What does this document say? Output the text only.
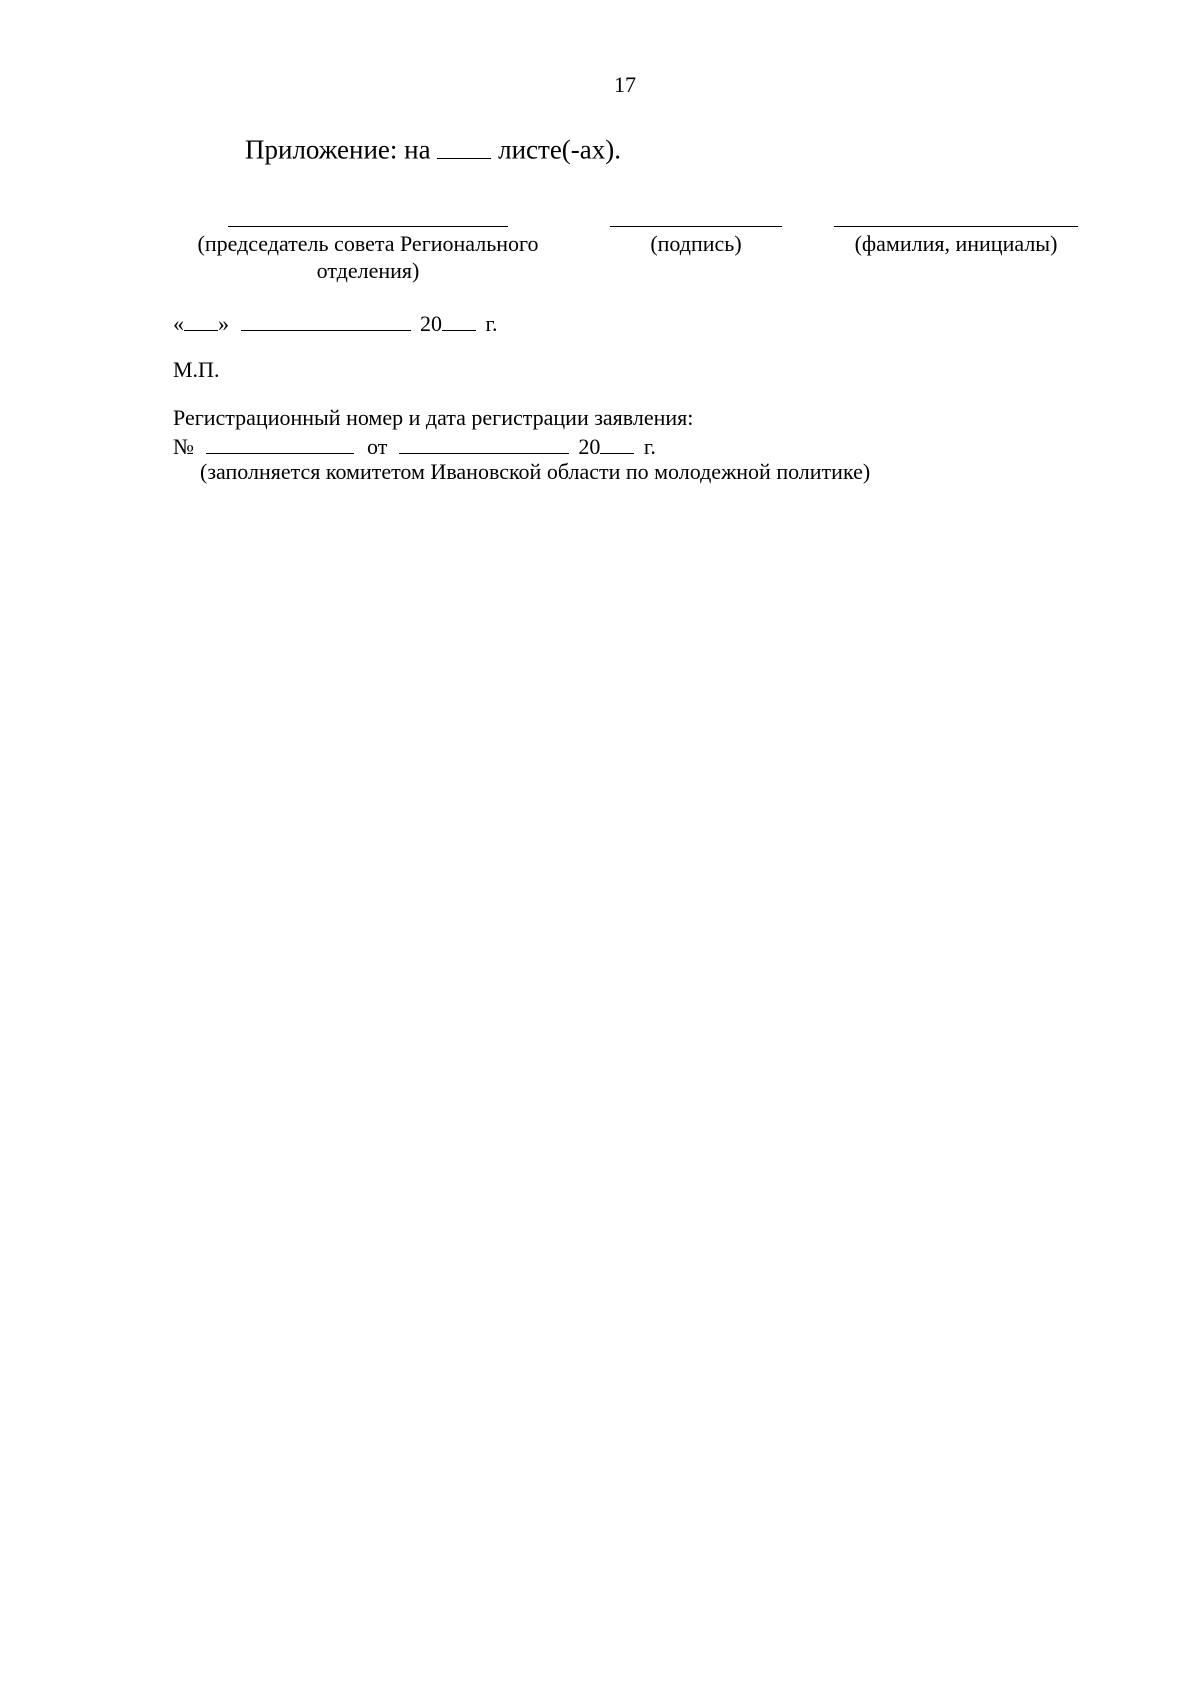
17
Приложение: на	листе(-ах).
(председатель совета Регионального
отделения)
(подпись)	(фамилия, инициалы)
« »	20 г.
М.П.
Регистрационный номер и дата регистрации заявления:
№	от	20 г.
(заполняется комитетом Ивановской области по молодежной политике)
